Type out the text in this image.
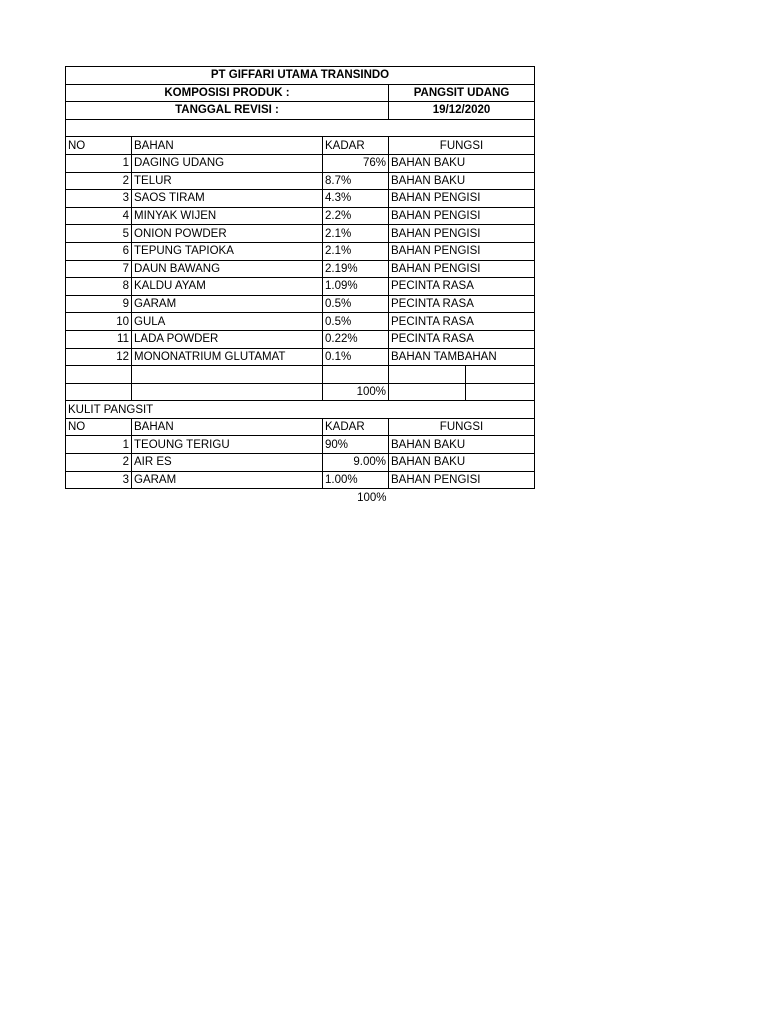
PT GIFFARI UTAMA TRANSINDO				
KOMPOSISI PRODUK :			PANGSIT UDANG	
TANGGAL REVISI :			19/12/2020	

NO	BAHAN	KADAR	FUNGSI	
1	DAGING UDANG	76%	BAHAN BAKU	
2	TELUR	8.7%	BAHAN BAKU	
3	SAOS TIRAM	4.3%	BAHAN PENGISI	
4	MINYAK WIJEN	2.2%	BAHAN PENGISI	
5	ONION POWDER	2.1%	BAHAN PENGISI	
6	TEPUNG TAPIOKA	2.1%	BAHAN PENGISI	
7	DAUN BAWANG	2.19%	BAHAN PENGISI	
8	KALDU AYAM	1.09%	PECINTA RASA	
9	GARAM	0.5%	PECINTA RASA	
10	GULA	0.5%	PECINTA RASA	
11	LADA POWDER	0.22%	PECINTA RASA	
12	MONONATRIUM GLUTAMAT	0.1%	BAHAN TAMBAHAN	

		100%		
KULIT PANGSIT				
NO	BAHAN	KADAR	FUNGSI	
1	TEOUNG TERIGU	90%	BAHAN BAKU	
2	AIR ES	9.00%	BAHAN BAKU	
3	GARAM	1.00%	BAHAN PENGISI	
		100%		
